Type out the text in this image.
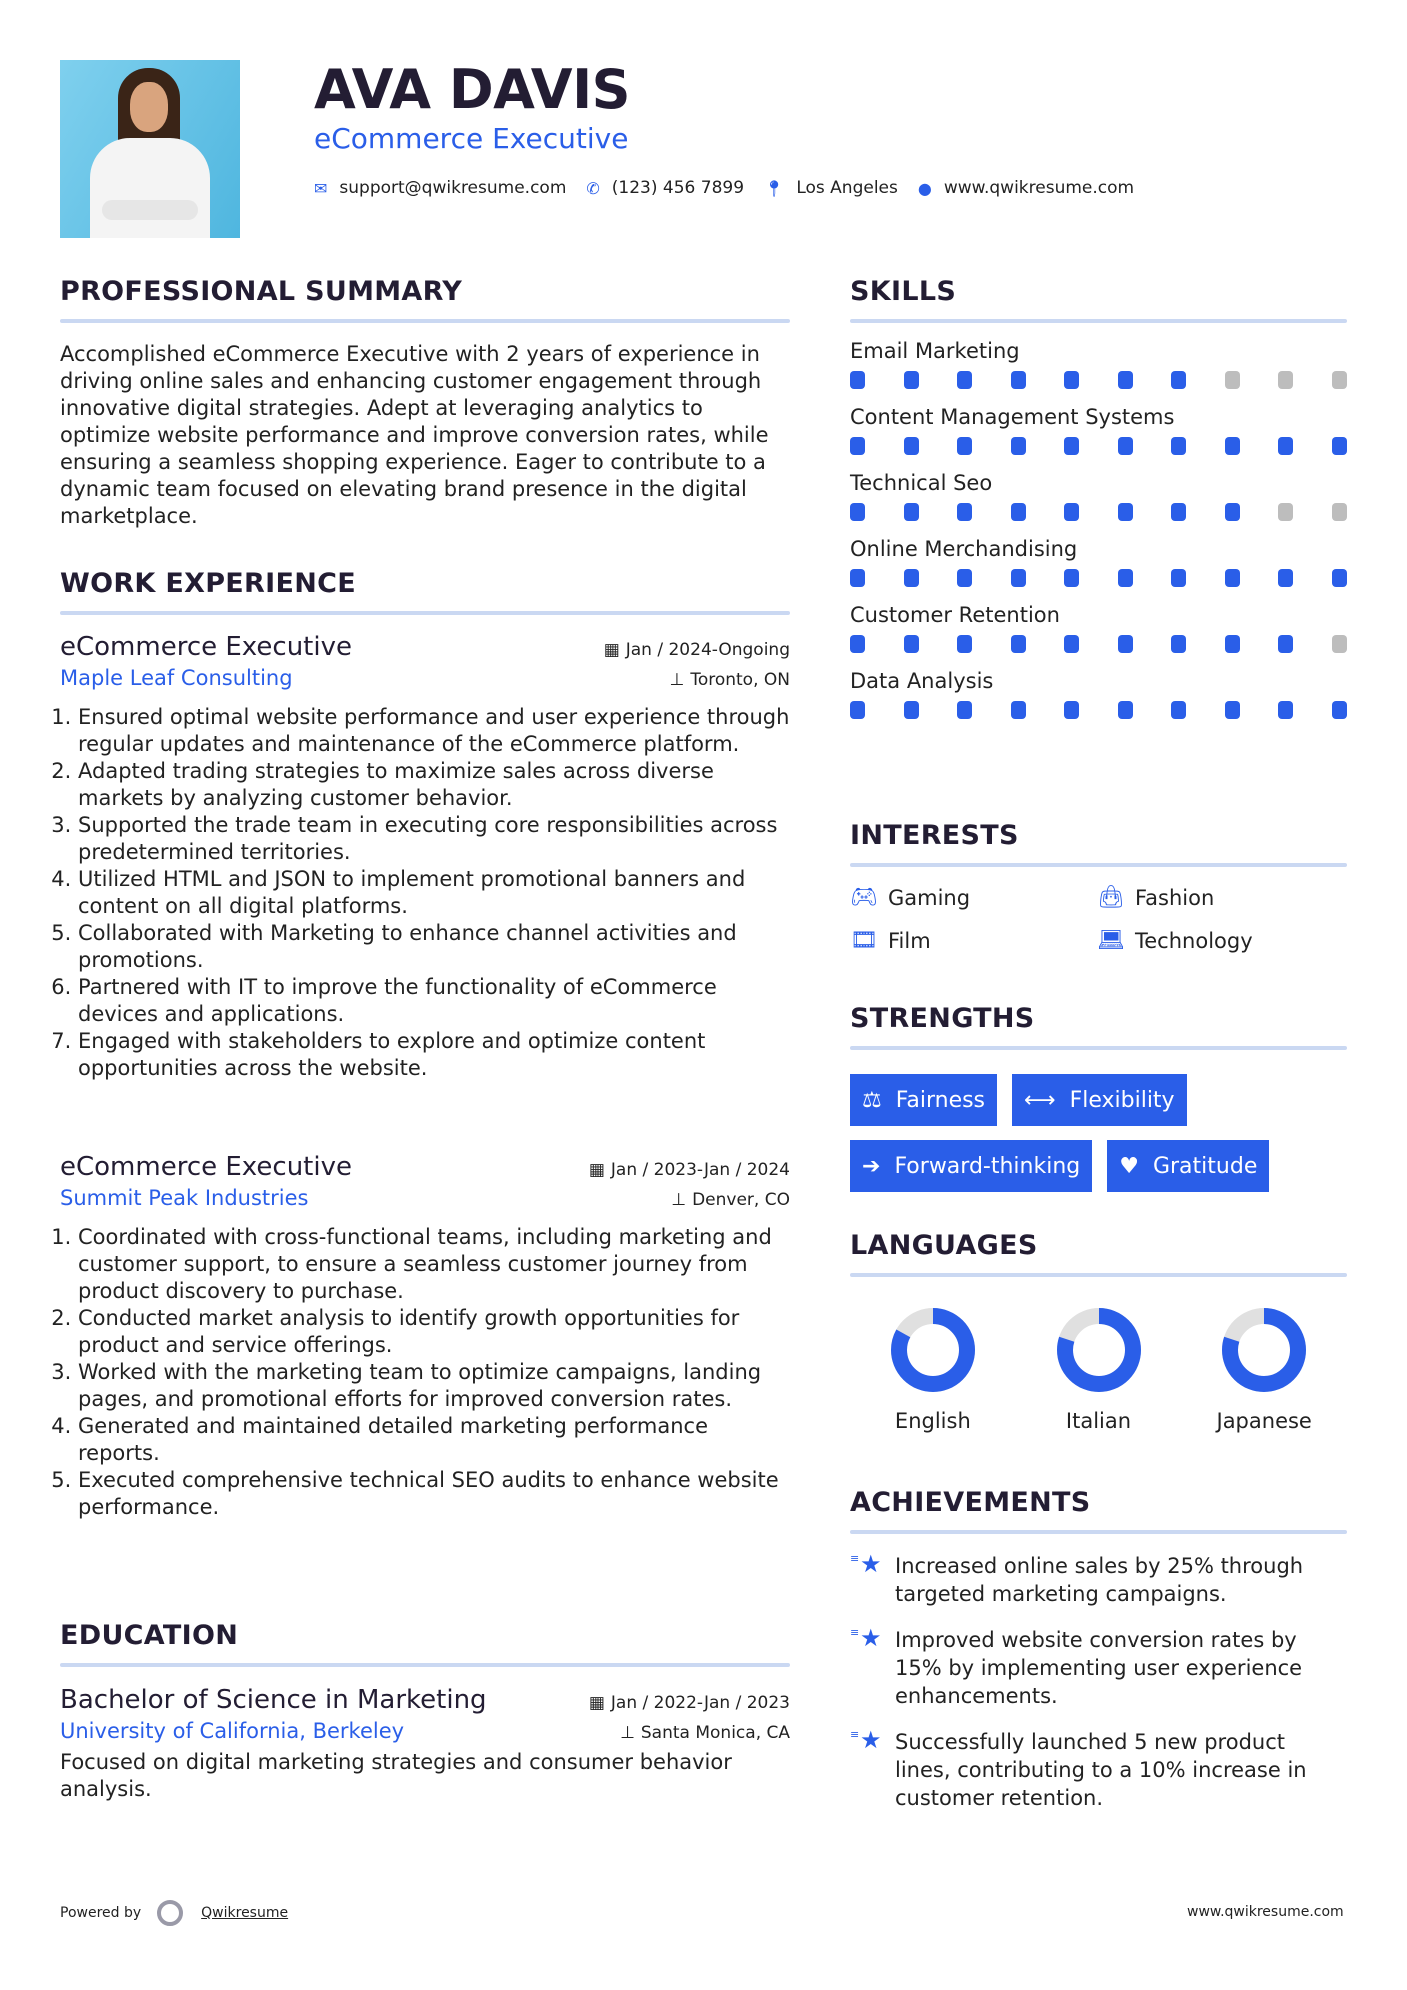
AVA DAVIS
eCommerce Executive
✉ support@qwikresume.com ✆ (123) 456 7899 📍︎ Los Angeles ● www.qwikresume.com
PROFESSIONAL SUMMARY

Accomplished eCommerce Executive with 2 years of experience in driving online sales and enhancing customer engagement through innovative digital strategies. Adept at leveraging analytics to optimize website performance and improve conversion rates, while ensuring a seamless shopping experience. Eager to contribute to a dynamic team focused on elevating brand presence in the digital marketplace.

WORK EXPERIENCE
eCommerce Executive	▦ Jan / 2024-Ongoing
Maple Leaf Consulting	⊥ Toronto, ON
1. Ensured optimal website performance and user experience through regular updates and maintenance of the eCommerce platform.
2. Adapted trading strategies to maximize sales across diverse markets by analyzing customer behavior.
3. Supported the trade team in executing core responsibilities across predetermined territories.
4. Utilized HTML and JSON to implement promotional banners and content on all digital platforms.
5. Collaborated with Marketing to enhance channel activities and promotions.
6. Partnered with IT to improve the functionality of eCommerce devices and applications.
7. Engaged with stakeholders to explore and optimize content opportunities across the website.
eCommerce Executive	▦ Jan / 2023-Jan / 2024
Summit Peak Industries	⊥ Denver, CO
1. Coordinated with cross-functional teams, including marketing and customer support, to ensure a seamless customer journey from product discovery to purchase.
2. Conducted market analysis to identify growth opportunities for product and service offerings.
3. Worked with the marketing team to optimize campaigns, landing pages, and promotional efforts for improved conversion rates.
4. Generated and maintained detailed marketing performance reports.
5. Executed comprehensive technical SEO audits to enhance website performance.
EDUCATION
Bachelor of Science in Marketing	▦ Jan / 2022-Jan / 2023
University of California, Berkeley	⊥ Santa Monica, CA

Focused on digital marketing strategies and consumer behavior analysis.

SKILLS
Email Marketing
Content Management Systems
Technical Seo
Online Merchandising
Customer Retention
Data Analysis
INTERESTS
🎮︎ Gaming	👜︎ Fashion
🎞︎ Film	💻︎ Technology
STRENGTHS
⚖ Fairness ⟷ Flexibility
➔ Forward-thinking ♥ Gratitude
LANGUAGES
English	Italian	Japanese
ACHIEVEMENTS
≡ ★ Increased online sales by 25% through targeted marketing campaigns.
≡ ★ Improved website conversion rates by 15% by implementing user experience enhancements.
≡ ★ Successfully launched 5 new product lines, contributing to a 10% increase in customer retention.
Powered by	Qwikresume	www.qwikresume.com
